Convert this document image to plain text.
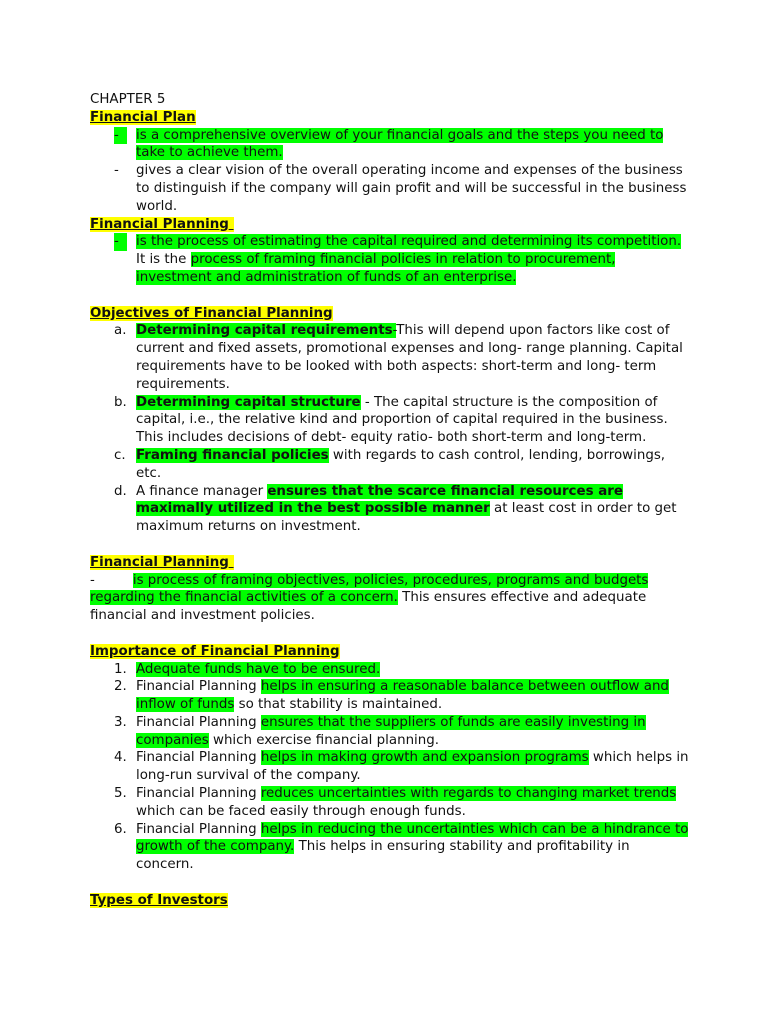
CHAPTER 5
Financial Plan
-	is a comprehensive overview of your financial goals and the steps you need to take to achieve them.
- gives a clear vision of the overall operating income and expenses of the business to distinguish if the company will gain profit and will be successful in the business world.
Financial Planning
-	is the process of estimating the capital required and determining its competition. It is the process of framing financial policies in relation to procurement, investment and administration of funds of an enterprise.
Objectives of Financial Planning
a. Determining capital requirements-This will depend upon factors like cost of current and fixed assets, promotional expenses and long- range planning. Capital requirements have to be looked with both aspects: short-term and long- term requirements.
b. Determining capital structure - The capital structure is the composition of capital, i.e., the relative kind and proportion of capital required in the business. This includes decisions of debt- equity ratio- both short-term and long-term.
c. Framing financial policies with regards to cash control, lending, borrowings, etc.
d. A finance manager ensures that the scarce financial resources are maximally utilized in the best possible manner at least cost in order to get maximum returns on investment.
Financial Planning
-	is process of framing objectives, policies, procedures, programs and budgets regarding the financial activities of a concern. This ensures effective and adequate financial and investment policies.
Importance of Financial Planning
1. Adequate funds have to be ensured.
2. Financial Planning helps in ensuring a reasonable balance between outflow and inflow of funds so that stability is maintained.
3. Financial Planning ensures that the suppliers of funds are easily investing in companies which exercise financial planning.
4. Financial Planning helps in making growth and expansion programs which helps in long-run survival of the company.
5. Financial Planning reduces uncertainties with regards to changing market trends which can be faced easily through enough funds.
6. Financial Planning helps in reducing the uncertainties which can be a hindrance to growth of the company. This helps in ensuring stability and profitability in concern.
Types of Investors
